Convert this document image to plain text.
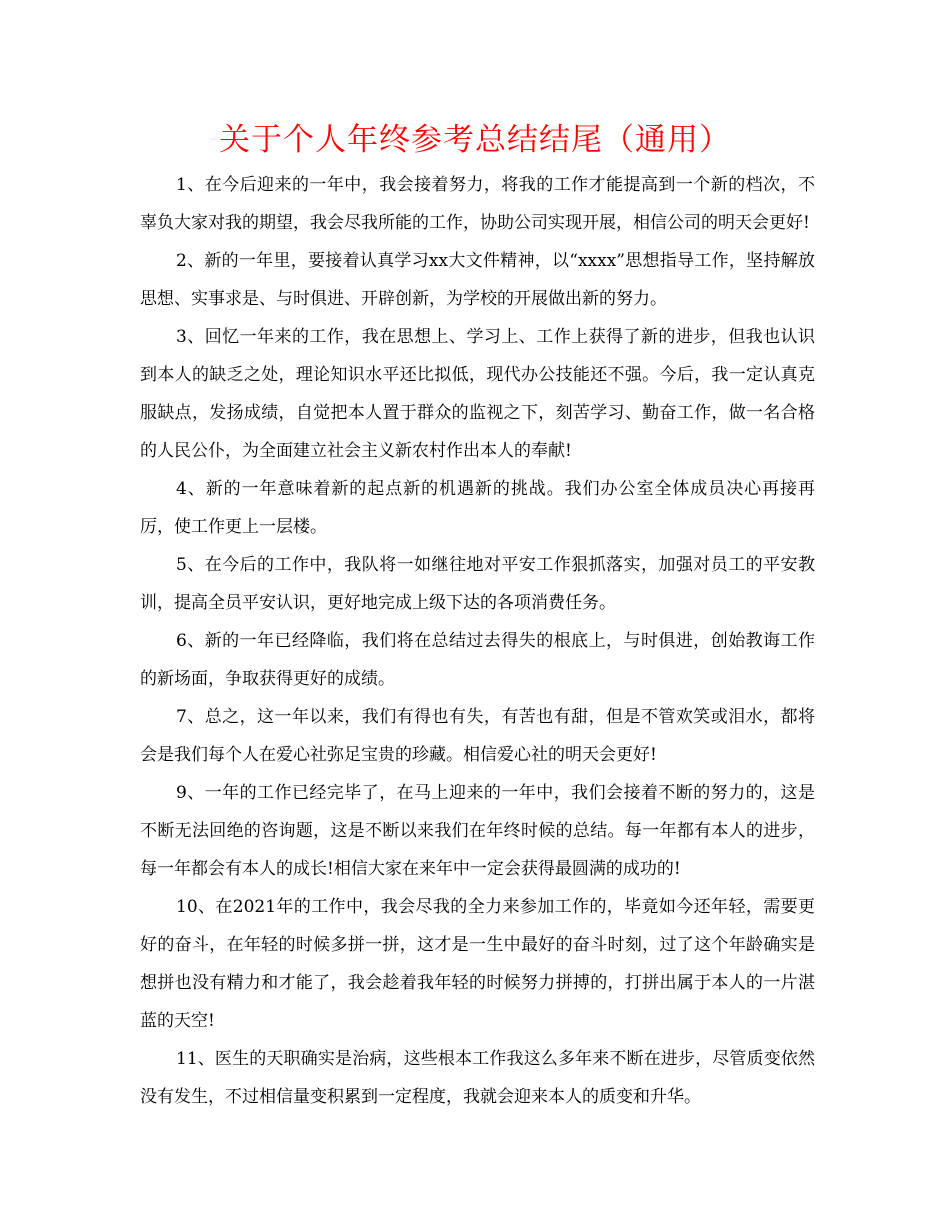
关于个人年终参考总结结尾（通用）

1、在今后迎来的一年中，我会接着努力，将我的工作才能提高到一个新的档次，不辜负大家对我的期望，我会尽我所能的工作，协助公司实现开展，相信公司的明天会更好!

2、新的一年里，要接着认真学习xx大文件精神，以“xxxx”思想指导工作，坚持解放思想、实事求是、与时俱进、开辟创新，为学校的开展做出新的努力。

3、回忆一年来的工作，我在思想上、学习上、工作上获得了新的进步，但我也认识到本人的缺乏之处，理论知识水平还比拟低，现代办公技能还不强。今后，我一定认真克服缺点，发扬成绩，自觉把本人置于群众的监视之下，刻苦学习、勤奋工作，做一名合格的人民公仆，为全面建立社会主义新农村作出本人的奉献!

4、新的一年意味着新的起点新的机遇新的挑战。我们办公室全体成员决心再接再厉，使工作更上一层楼。

5、在今后的工作中，我队将一如继往地对平安工作狠抓落实，加强对员工的平安教训，提高全员平安认识，更好地完成上级下达的各项消费任务。

6、新的一年已经降临，我们将在总结过去得失的根底上，与时俱进，创始教诲工作的新场面，争取获得更好的成绩。

7、总之，这一年以来，我们有得也有失，有苦也有甜，但是不管欢笑或泪水，都将会是我们每个人在爱心社弥足宝贵的珍藏。相信爱心社的明天会更好!

9、一年的工作已经完毕了，在马上迎来的一年中，我们会接着不断的努力的，这是不断无法回绝的咨询题，这是不断以来我们在年终时候的总结。每一年都有本人的进步，每一年都会有本人的成长!相信大家在来年中一定会获得最圆满的成功的!

10、在2021年的工作中，我会尽我的全力来参加工作的，毕竟如今还年轻，需要更好的奋斗，在年轻的时候多拼一拼，这才是一生中最好的奋斗时刻，过了这个年龄确实是想拼也没有精力和才能了，我会趁着我年轻的时候努力拼搏的，打拼出属于本人的一片湛蓝的天空!

11、医生的天职确实是治病，这些根本工作我这么多年来不断在进步，尽管质变依然没有发生，不过相信量变积累到一定程度，我就会迎来本人的质变和升华。
